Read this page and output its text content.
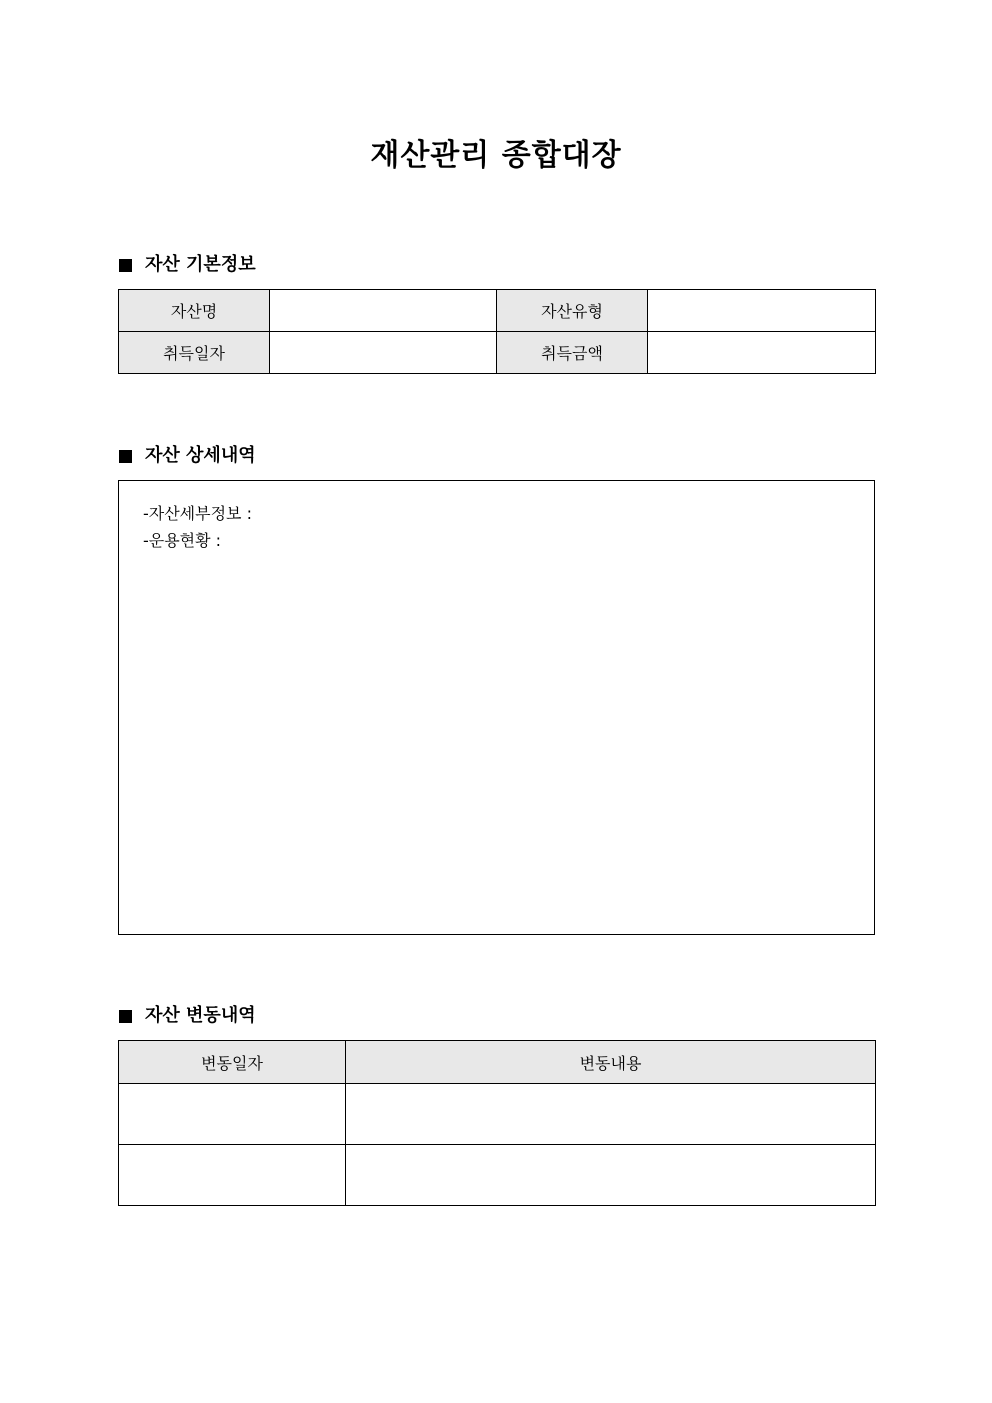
재산관리 종합대장
자산 기본정보
자산명		자산유형	
취득일자		취득금액	
자산 상세내역
-자산세부정보 :
-운용현황 :
자산 변동내역
변동일자	변동내용
